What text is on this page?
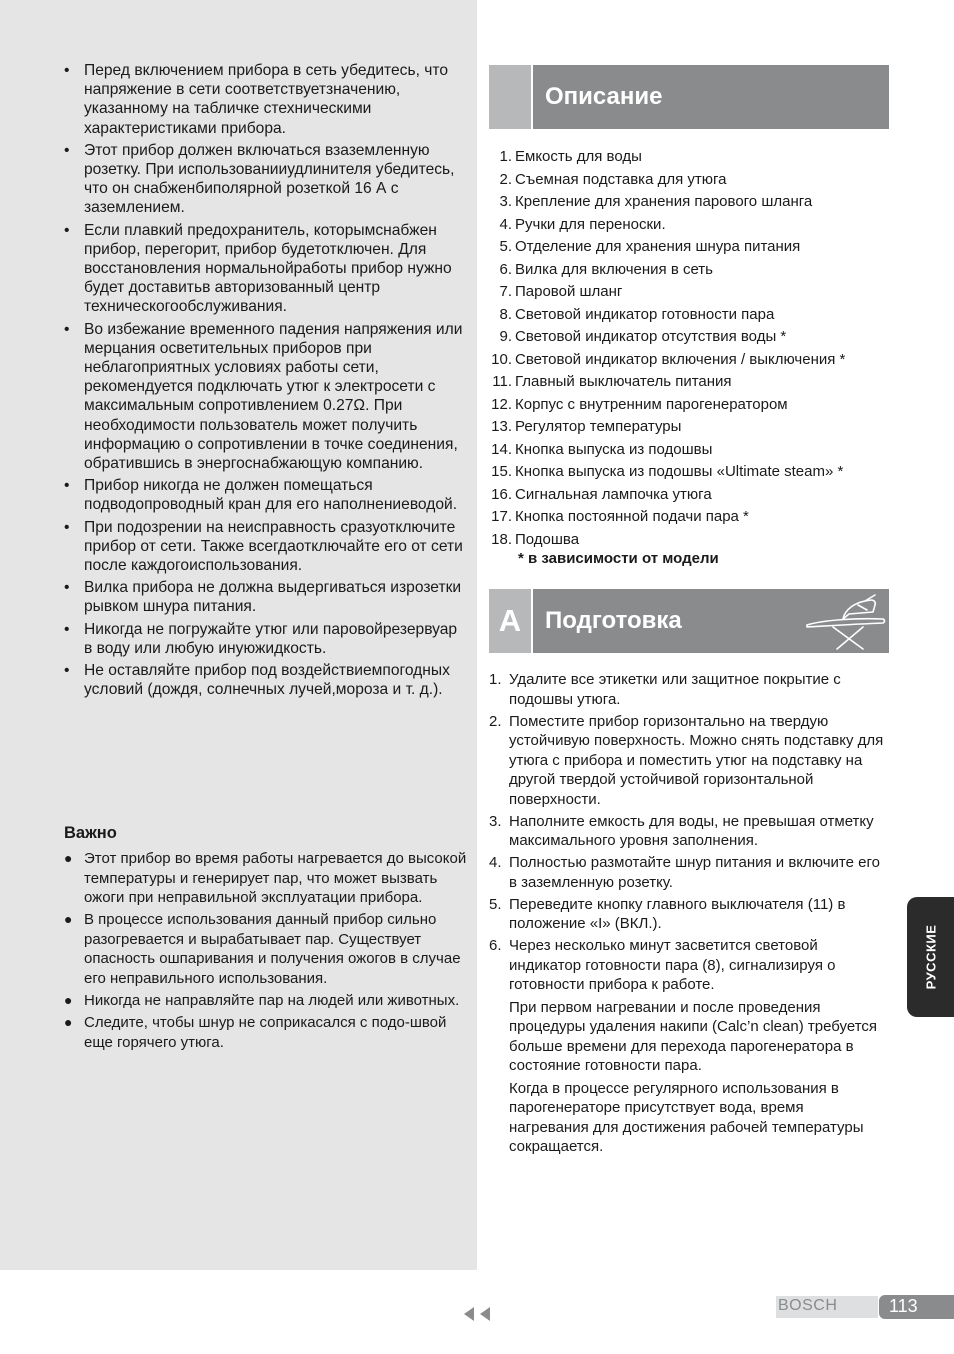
• Перед включением прибора в сеть убедитесь, что напряжение в сети соответствуетзначению, указанному на табличке стехническими характеристиками прибора.
• Этот прибор должен включаться взаземленную розетку. При использованииудлинителя убедитесь, что он снабженбиполярной розеткой 16 А с заземлением.
• Если плавкий предохранитель, которымснабжен прибор, перегорит, прибор будетотключен. Для восстановления нормальнойработы прибор нужно будет доставитьв авторизованный центр техническогообслуживания.
• Во избежание временного падения напряжения или мерцания осветительных приборов при неблагоприятных условиях работы сети, рекомендуется подключать утюг к электросети с максимальным сопротивлением 0.27Ω. При необходимости пользователь может получить информацию о сопротивлении в точке соединения, обратившись в энергоснабжающую компанию.
• Прибор никогда не должен помещаться подводопроводный кран для его наполнениеводой.
• При подозрении на неисправность сразуотключите прибор от сети. Также всегдаотключайте его от сети после каждогоиспользования.
• Вилка прибора не должна выдергиваться изрозетки рывком шнура питания.
• Никогда не погружайте утюг или паровойрезервуар в воду или любую инуюжидкость.
• Не оставляйте прибор под воздействиемпогодных условий (дождя, солнечных лучей,мороза и т. д.).
Важно
● Этот прибор во время работы нагревается до высокой температуры и генерирует пар, что может вызвать ожоги при неправильной эксплуатации прибора.
● В процессе использования данный прибор сильно разогревается и вырабатывает пар. Существует опасность ошпаривания и получения ожогов в случае его неправильного использования.
● Никогда не направляйте пар на людей или животных.
● Следите, чтобы шнур не соприкасался с подо-швой еще горячего утюга.
Описание
1. Емкость для воды
2. Съемная подставка для утюга
3. Крепление для хранения парового шланга
4. Ручки для переноски.
5. Отделение для хранения шнура питания
6. Вилка для включения в сеть
7. Паровой шланг
8. Световой индикатор готовности пара
9. Световой индикатор отсутствия воды *
10. Световой индикатор включения / выключения *
11. Главный выключатель питания
12. Корпус с внутренним парогенератором
13. Регулятор температуры
14. Кнопка выпуска из подошвы
15. Кнопка выпуска из подошвы «Ultimate steam» *
16. Сигнальная лампочка утюга
17. Кнопка постоянной подачи пара *
18. Подошва
* в зависимости от модели
A Подготовка
1. Удалите все этикетки или защитное покрытие с подошвы утюга.
2. Поместите прибор горизонтально на твердую устойчивую поверхность. Можно снять подставку для утюга с прибора и поместить утюг на подставку на другой твердой устойчивой горизонтальной поверхности.
3. Наполните емкость для воды, не превышая отметку максимального уровня заполнения.
4. Полностью размотайте шнур питания и включите его в заземленную розетку.
5. Переведите кнопку главного выключателя (11) в положение «I» (ВКЛ.).
6. Через несколько минут засветится световой индикатор готовности пара (8), сигнализируя о готовности прибора к работе.
При первом нагревании и после проведения процедуры удаления накипи (Calc’n clean) требуется больше времени для перехода парогенератора в состояние готовности пара.
Когда в процессе регулярного использования в парогенераторе присутствует вода, время нагревания для достижения рабочей температуры сокращается.
РУССКИЕ
BOSCH	113
